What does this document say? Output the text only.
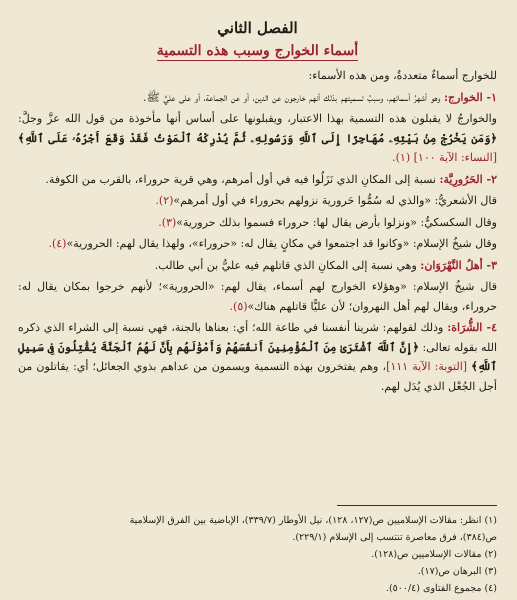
الفصل الثاني
أسماء الخوارج وسبب هذه التسمية

للخوارج أسماءٌ متعددةٌ، ومن هذه الأسماء:

١- الخوارج: وهو أشهرُ أسمائهم، وسببُ تسميتهم بذلك أنهم خارجون عن الدين، أو عن الجماعة، أو على عليٍّ ﷺ.

والخوارجُ لا يقبلون هذه التسمية بهذا الاعتبار، ويقبلونها على أساس أنها مأخوذة من قول الله عزَّ وجلَّ: ﴿وَمَن يَخْرُجْ مِنۢ بَيْتِهِۦ مُهَاجِرًا إِلَى ٱللَّهِ وَرَسُولِهِۦ ثُمَّ يُدْرِكْهُ ٱلْمَوْتُ فَقَدْ وَقَعَ أَجْرُهُۥ عَلَى ٱللَّهِ﴾ [النساء: الآية ١٠٠] (١).

٢- الحَرُورِيَّة: نسبة إلى المكانِ الذي نَزَلُوا فيه في أول أمرهم، وهي قرية حروراء، بالقرب من الكوفة.

قال الأشعريُّ: «والذي له سُمُّوا حَرورية نزولهم بحروراء في أول أمرهم»(٢).

وقال السكسكيُّ: «ونزلوا بأرض يقال لها: حروراء فسموا بذلك حرورية»(٣).

وقال شيخُ الإسلام: «وكانوا قد اجتمعوا في مكانٍ يقال له: «حروراء»، ولهذا يقال لهم: الحرورية»(٤).

٣- أهلُ النَّهْرَوَان: وهي نسبة إلى المكانِ الذي قاتلهم فيه عليُّ بن أبي طالب.

قال شيخُ الإسلام: «وهؤلاء الخوارج لهم أسماء، يقال لهم: «الحرورية»؛ لأنهم خرجوا بمكان يقال له: حروراء، ويقال لهم أهل النهروان؛ لأن عليًّا قاتلهم هناك»(٥).

٤- الشُّرَاة: وذلك لقولهم: شرينا أنفسنا في طاعة الله؛ أي: بعناها بالجنة، فهي نسبة إلى الشراء الذي ذكره الله بقوله تعالى: ﴿إِنَّ ٱللَّهَ ٱشْتَرَىٰ مِنَ ٱلْمُؤْمِنِينَ أَنفُسَهُمْ وَأَمْوَٰلَهُم بِأَنَّ لَهُمُ ٱلْجَنَّةَ يُقَٰتِلُونَ فِى سَبِيلِ ٱللَّهِ﴾ [التوبة: الآية ١١١]، وهم يفتخرون بهذه التسمية ويسمون من عداهم بذوي الجعائل؛ أي: يقاتلون من أجل الجُعْل الذي يُدَل لهم.

(١) انظر: مقالات الإسلاميين ص(١٢٧، ١٢٨)، نيل الأوطار (٣٣٩/٧)، الإباضية بين الفرق الإسلامية
ص(٣٨٤)، فرق معاصرة تنتسب إلى الإسلام (٢٢٩/١).
(٢) مقالات الإسلاميين ص(١٢٨).
(٣) البرهان ص(١٧).
(٤) مجموع الفتاوى (٥٠٠/٤).
